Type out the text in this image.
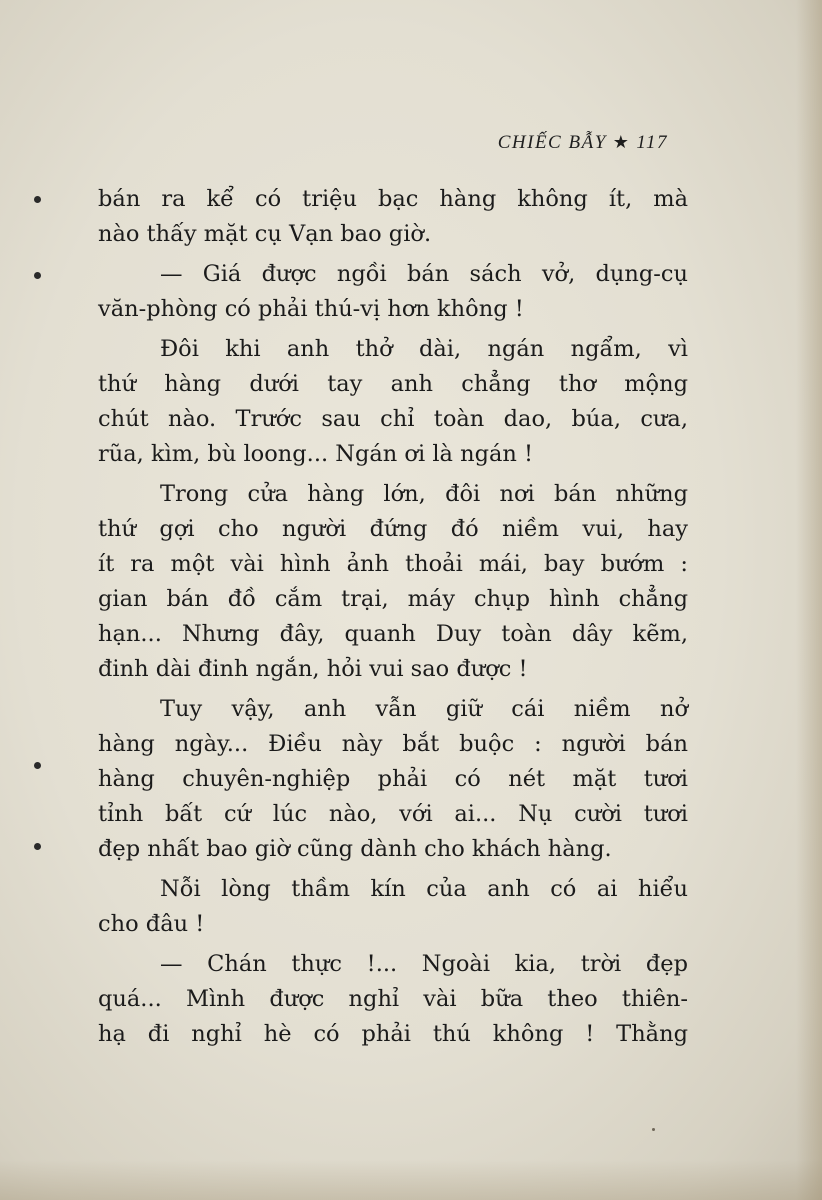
CHIẾC BẪY ★ 117
bán ra kể có triệu bạc hàng không ít, mà
nào thấy mặt cụ Vạn bao giờ.
— Giá được ngồi bán sách vở, dụng-cụ
văn-phòng có phải thú-vị hơn không !
Đôi khi anh thở dài, ngán ngẩm, vì
thứ hàng dưới tay anh chẳng thơ mộng
chút nào. Trước sau chỉ toàn dao, búa, cưa,
rũa, kìm, bù loong... Ngán ơi là ngán !
Trong cửa hàng lớn, đôi nơi bán những
thứ gợi cho người đứng đó niềm vui, hay
ít ra một vài hình ảnh thoải mái, bay bướm :
gian bán đồ cắm trại, máy chụp hình chẳng
hạn... Nhưng đây, quanh Duy toàn dây kẽm,
đinh dài đinh ngắn, hỏi vui sao được !
Tuy vậy, anh vẫn giữ cái niềm nở
hàng ngày... Điều này bắt buộc : người bán
hàng chuyên-nghiệp phải có nét mặt tươi
tỉnh bất cứ lúc nào, với ai... Nụ cười tươi
đẹp nhất bao giờ cũng dành cho khách hàng.
Nỗi lòng thầm kín của anh có ai hiểu
cho đâu !
— Chán thực !... Ngoài kia, trời đẹp
quá... Mình được nghỉ vài bữa theo thiên-
hạ đi nghỉ hè có phải thú không ! Thằng
